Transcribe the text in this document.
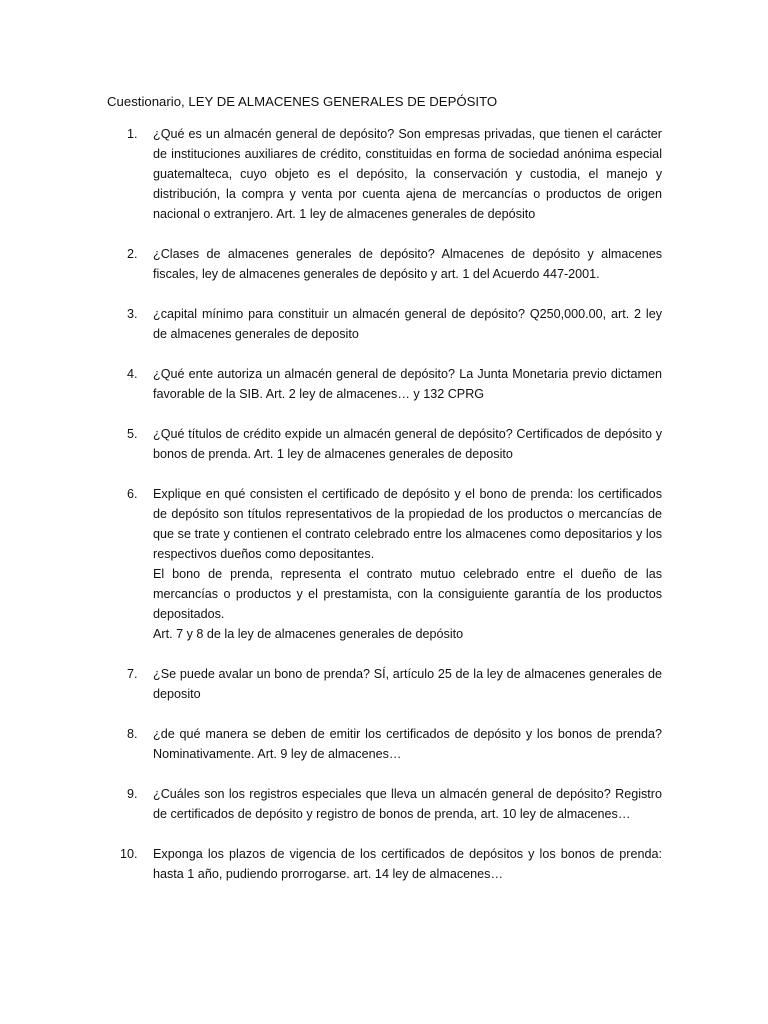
Cuestionario, LEY DE ALMACENES GENERALES DE DEPÓSITO
1.	¿Qué es un almacén general de depósito? Son empresas privadas, que tienen el carácter de instituciones auxiliares de crédito, constituidas en forma de sociedad anónima especial guatemalteca, cuyo objeto es el depósito, la conservación y custodia, el manejo y distribución, la compra y venta por cuenta ajena de mercancías o productos de origen nacional o extranjero. Art. 1 ley de almacenes generales de depósito
2.	¿Clases de almacenes generales de depósito? Almacenes de depósito y almacenes fiscales, ley de almacenes generales de depósito y art. 1 del Acuerdo 447-2001.
3.	¿capital mínimo para constituir un almacén general de depósito? Q250,000.00, art. 2 ley de almacenes generales de deposito
4.	¿Qué ente autoriza un almacén general de depósito? La Junta Monetaria previo dictamen favorable de la SIB. Art. 2 ley de almacenes… y 132 CPRG
5.	¿Qué títulos de crédito expide un almacén general de depósito? Certificados de depósito y bonos de prenda. Art. 1 ley de almacenes generales de deposito
6.	Explique en qué consisten el certificado de depósito y el bono de prenda: los certificados de depósito son títulos representativos de la propiedad de los productos o mercancías de que se trate y contienen el contrato celebrado entre los almacenes como depositarios y los respectivos dueños como depositantes.
El bono de prenda, representa el contrato mutuo celebrado entre el dueño de las mercancías o productos y el prestamista, con la consiguiente garantía de los productos depositados.
Art. 7 y 8 de la ley de almacenes generales de depósito
7.	¿Se puede avalar un bono de prenda? SÍ, artículo 25 de la ley de almacenes generales de deposito
8.	¿de qué manera se deben de emitir los certificados de depósito y los bonos de prenda? Nominativamente. Art. 9 ley de almacenes…
9.	¿Cuáles son los registros especiales que lleva un almacén general de depósito? Registro de certificados de depósito y registro de bonos de prenda, art. 10 ley de almacenes…
10.	Exponga los plazos de vigencia de los certificados de depósitos y los bonos de prenda: hasta 1 año, pudiendo prorrogarse. art. 14 ley de almacenes…
